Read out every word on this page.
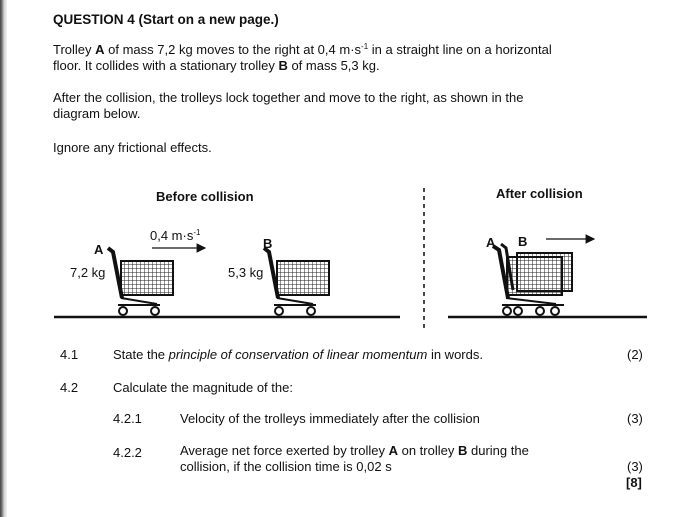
QUESTION 4 (Start on a new page.)
Trolley A of mass 7,2 kg moves to the right at 0,4 $m\cdot s^{-1}$ in a straight line on a horizontal
floor. It collides with a stationary trolley B of mass 5,3 kg.
After the collision, the trolleys lock together and move to the right, as shown in the
diagram below.
Ignore any frictional effects.
Before collision	After collision
0,4 $m\cdot s^{-1}$
A	B
7,2 kg	5,3 kg
A B
4.1	State the principle of conservation of linear momentum in words.	(2)
4.2	Calculate the magnitude of the:
4.2.1	Velocity of the trolleys immediately after the collision	(3)
4.2.2	Average net force exerted by trolley A on trolley B during the
collision, if the collision time is 0,02 s	(3)
[8]
